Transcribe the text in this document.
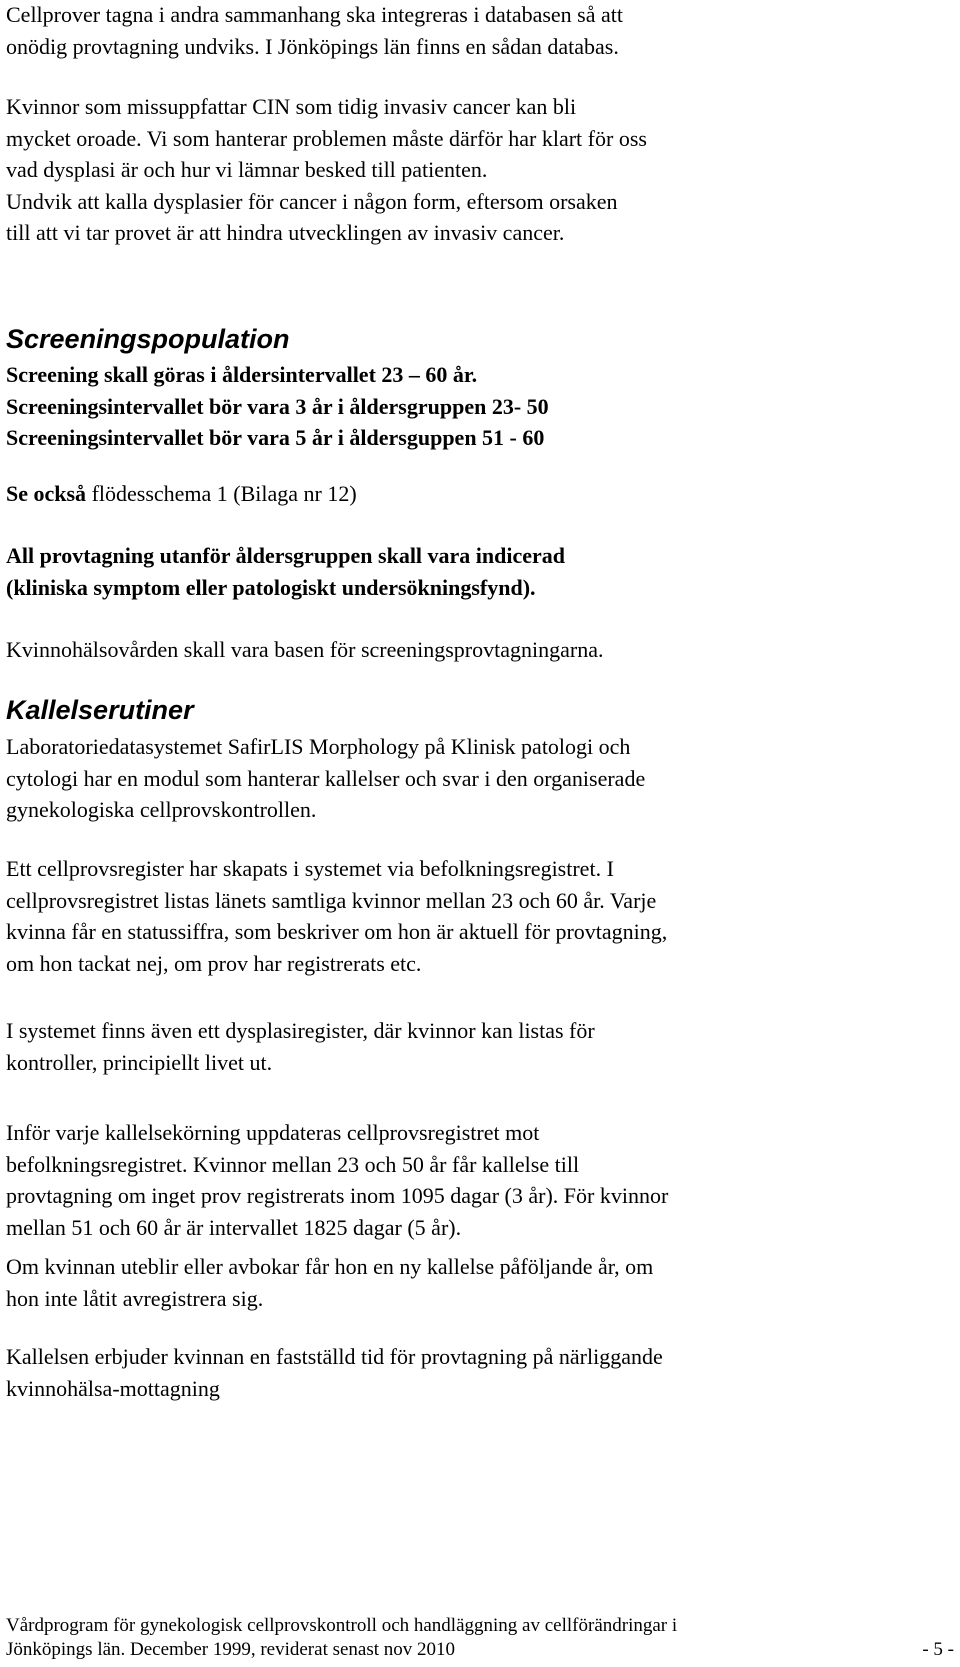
Cellprover tagna i andra sammanhang ska integreras i databasen så att
onödig provtagning undviks. I Jönköpings län finns en sådan databas.

Kvinnor som missuppfattar CIN som tidig invasiv cancer kan bli
mycket oroade. Vi som hanterar problemen måste därför har klart för oss
vad dysplasi är och hur vi lämnar besked till patienten.
Undvik att kalla dysplasier för cancer i någon form, eftersom orsaken
till att vi tar provet är att hindra utvecklingen av invasiv cancer.

Screeningspopulation

Screening skall göras i åldersintervallet 23 – 60 år.
Screeningsintervallet bör vara 3 år i åldersgruppen 23- 50
Screeningsintervallet bör vara 5 år i åldersguppen 51 - 60

Se också flödesschema 1 (Bilaga nr 12)

All provtagning utanför åldersgruppen skall vara indicerad
(kliniska symptom eller patologiskt undersökningsfynd).

Kvinnohälsovården skall vara basen för screeningsprovtagningarna.

Kallelserutiner

Laboratoriedatasystemet SafirLIS Morphology på Klinisk patologi och
cytologi har en modul som hanterar kallelser och svar i den organiserade
gynekologiska cellprovskontrollen.

Ett cellprovsregister har skapats i systemet via befolkningsregistret. I
cellprovsregistret listas länets samtliga kvinnor mellan 23 och 60 år. Varje
kvinna får en statussiffra, som beskriver om hon är aktuell för provtagning,
om hon tackat nej, om prov har registrerats etc.

I systemet finns även ett dysplasiregister, där kvinnor kan listas för
kontroller, principiellt livet ut.

Inför varje kallelsekörning uppdateras cellprovsregistret mot
befolkningsregistret. Kvinnor mellan 23 och 50 år får kallelse till
provtagning om inget prov registrerats inom 1095 dagar (3 år). För kvinnor
mellan 51 och 60 år är intervallet 1825 dagar (5 år).

Om kvinnan uteblir eller avbokar får hon en ny kallelse påföljande år, om
hon inte låtit avregistrera sig.

Kallelsen erbjuder kvinnan en fastställd tid för provtagning på närliggande
kvinnohälsa-mottagning

Vårdprogram för gynekologisk cellprovskontroll och handläggning av cellförändringar i
Jönköpings län. December 1999, reviderat senast nov 2010	- 5 -
